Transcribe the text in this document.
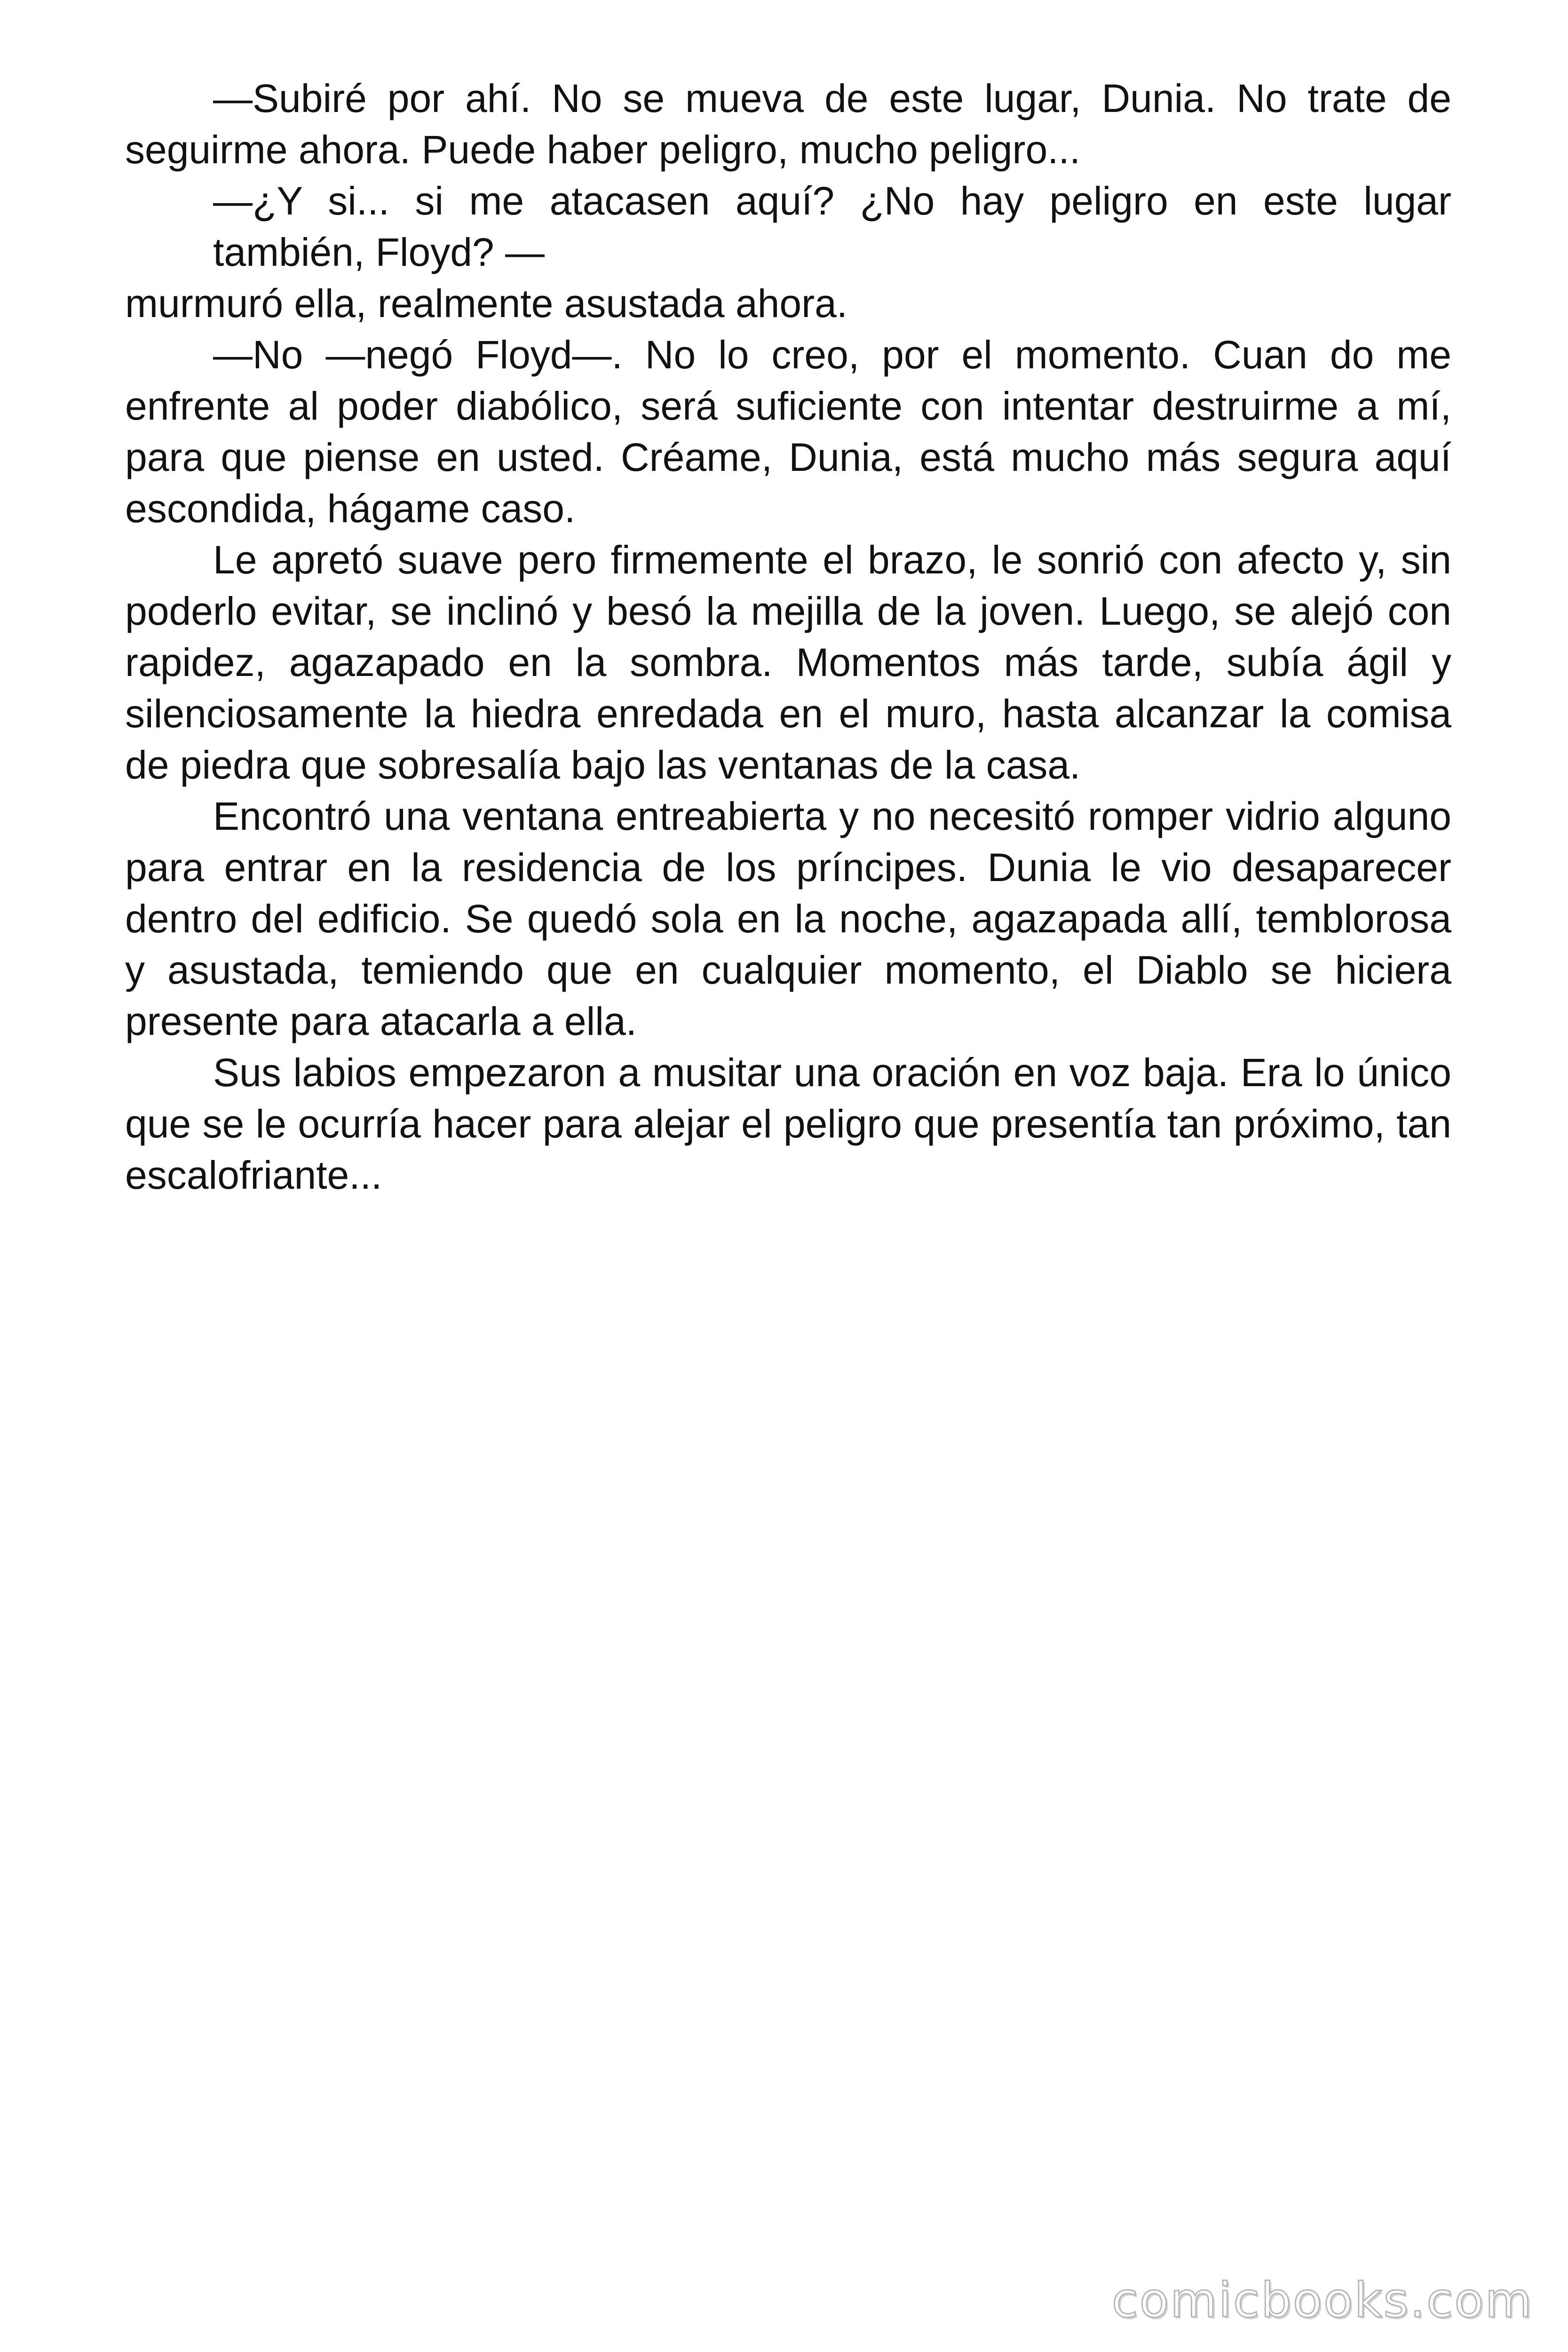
—Subiré por ahí. No se mueva de este lugar, Dunia. No trate de seguirme ahora. Puede haber peligro, mucho peligro...

—¿Y si... si me atacasen aquí? ¿No hay peligro en este lugar también, Floyd? —

murmuró ella, realmente asustada ahora.

—No —negó Floyd—. No lo creo, por el momento. Cuan do me enfrente al poder diabólico, será suficiente con intentar destruirme a mí, para que piense en usted. Créame, Dunia, está mucho más segura aquí escondida, hágame caso.

Le apretó suave pero firmemente el brazo, le sonrió con afecto y, sin poderlo evitar, se inclinó y besó la mejilla de la joven. Luego, se alejó con rapidez, agazapado en la sombra. Momentos más tarde, subía ágil y silenciosamente la hiedra enredada en el muro, hasta alcanzar la comisa de piedra que sobresalía bajo las ventanas de la casa.

Encontró una ventana entreabierta y no necesitó romper vidrio alguno para entrar en la residencia de los príncipes. Dunia le vio desaparecer dentro del edificio. Se quedó sola en la noche, agazapada allí, temblorosa y asustada, temiendo que en cualquier momento, el Diablo se hiciera presente para atacarla a ella.

Sus labios empezaron a musitar una oración en voz baja. Era lo único que se le ocurría hacer para alejar el peligro que presentía tan próximo, tan escalofriante...

comicbooks.com
